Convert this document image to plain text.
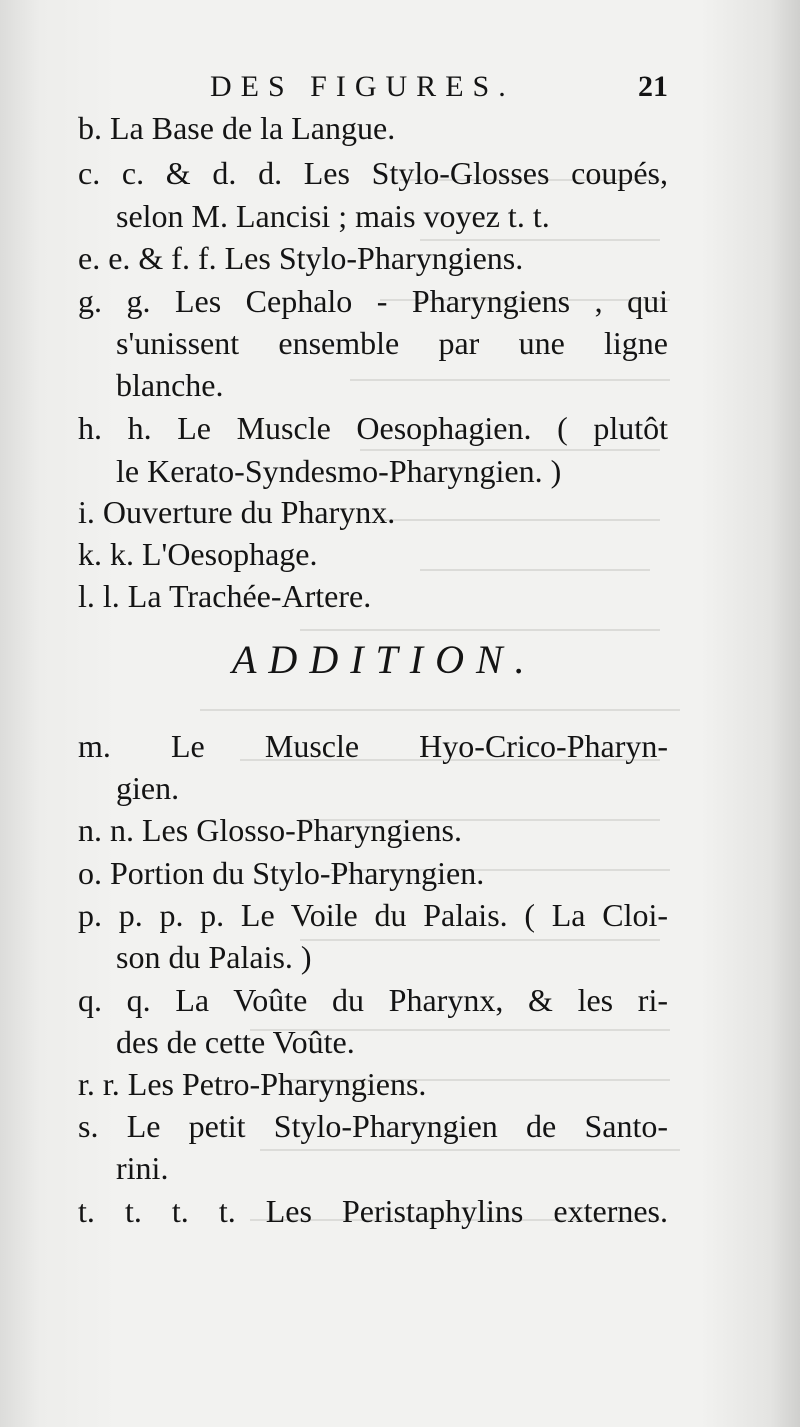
DES FIGURES.	21
b. La Base de la Langue.
c. c. & d. d. Les Stylo-Glosses coupés,
selon M. Lancisi ; mais voyez t. t.
e. e. & f. f. Les Stylo-Pharyngiens.
g. g. Les Cephalo - Pharyngiens , qui
s'unissent ensemble par une ligne
blanche.
h. h. Le Muscle Oesophagien. ( plutôt
le Kerato-Syndesmo-Pharyngien. )
i. Ouverture du Pharynx.
k. k. L'Oesophage.
l. l. La Trachée-Artere.
ADDITION.
m. Le Muscle Hyo-Crico-Pharyn-
gien.
n. n. Les Glosso-Pharyngiens.
o. Portion du Stylo-Pharyngien.
p. p. p. p. Le Voile du Palais. ( La Cloi-
son du Palais. )
q. q. La Voûte du Pharynx, & les ri-
des de cette Voûte.
r. r. Les Petro-Pharyngiens.
s. Le petit Stylo-Pharyngien de Santo-
rini.
t. t. t. t. Les Peristaphylins externes.
